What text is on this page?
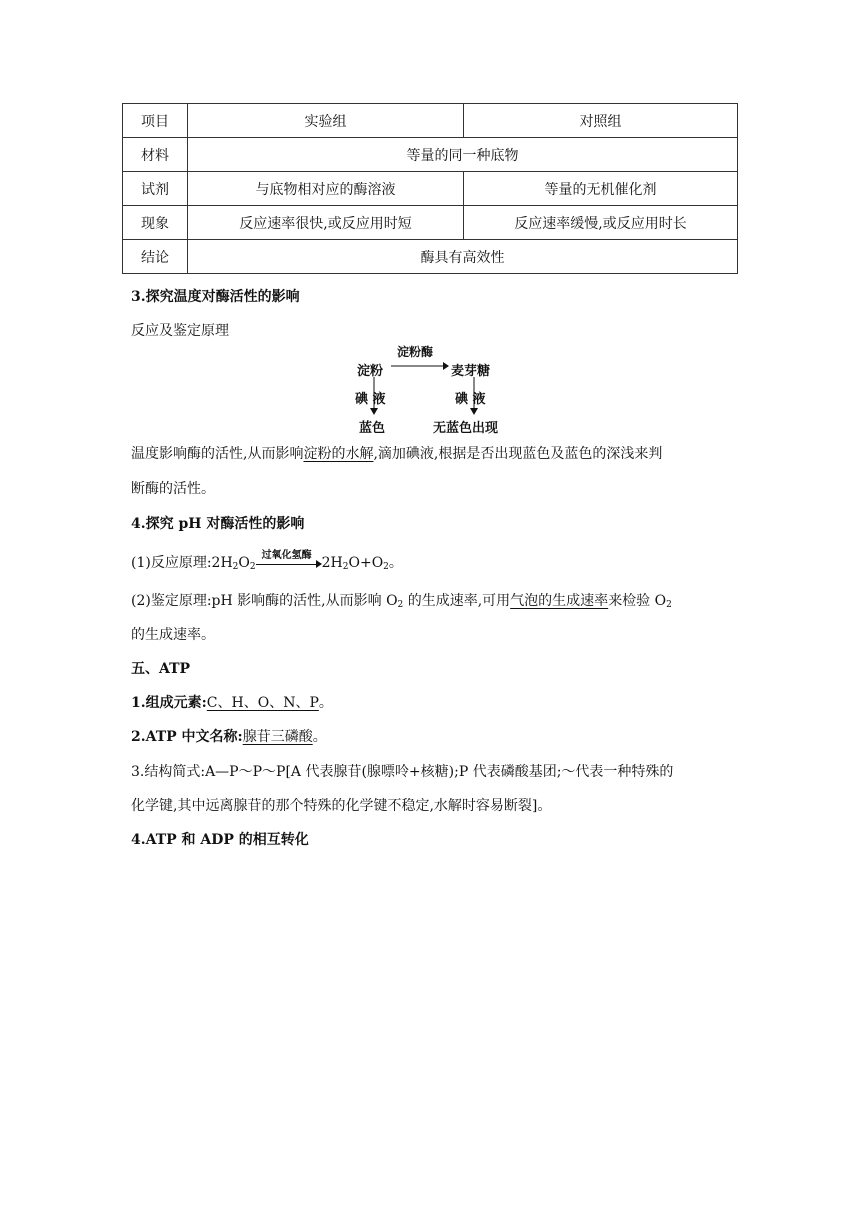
项目	实验组	对照组
材料	等量的同一种底物	
试剂	与底物相对应的酶溶液	等量的无机催化剂
现象	反应速率很快,或反应用时短	反应速率缓慢,或反应用时长
结论	酶具有高效性	
3.探究温度对酶活性的影响
反应及鉴定原理
淀粉
淀粉酶
麦芽糖
碘 液	碘 液
蓝色	无蓝色出现
温度影响酶的活性,从而影响淀粉的水解,滴加碘液,根据是否出现蓝色及蓝色的深浅来判
断酶的活性。
4.探究 pH 对酶活性的影响
(1)反应原理$:2H_2O_2$
过氧化氢酶 $2H_2O+O_2$。
(2)鉴定原理:pH 影响酶的活性,从而影响 $O_2$ 的生成速率,可用气泡的生成速率来检验 $O_2$
的生成速率。
五、ATP
1.组成元素:C、H、O、N、P。
2.ATP 中文名称:腺苷三磷酸。
3.结构简式:A—P～P～P[A 代表腺苷(腺嘌呤+核糖);P 代表磷酸基团;～代表一种特殊的
化学键,其中远离腺苷的那个特殊的化学键不稳定,水解时容易断裂]。
4.ATP 和 ADP 的相互转化
